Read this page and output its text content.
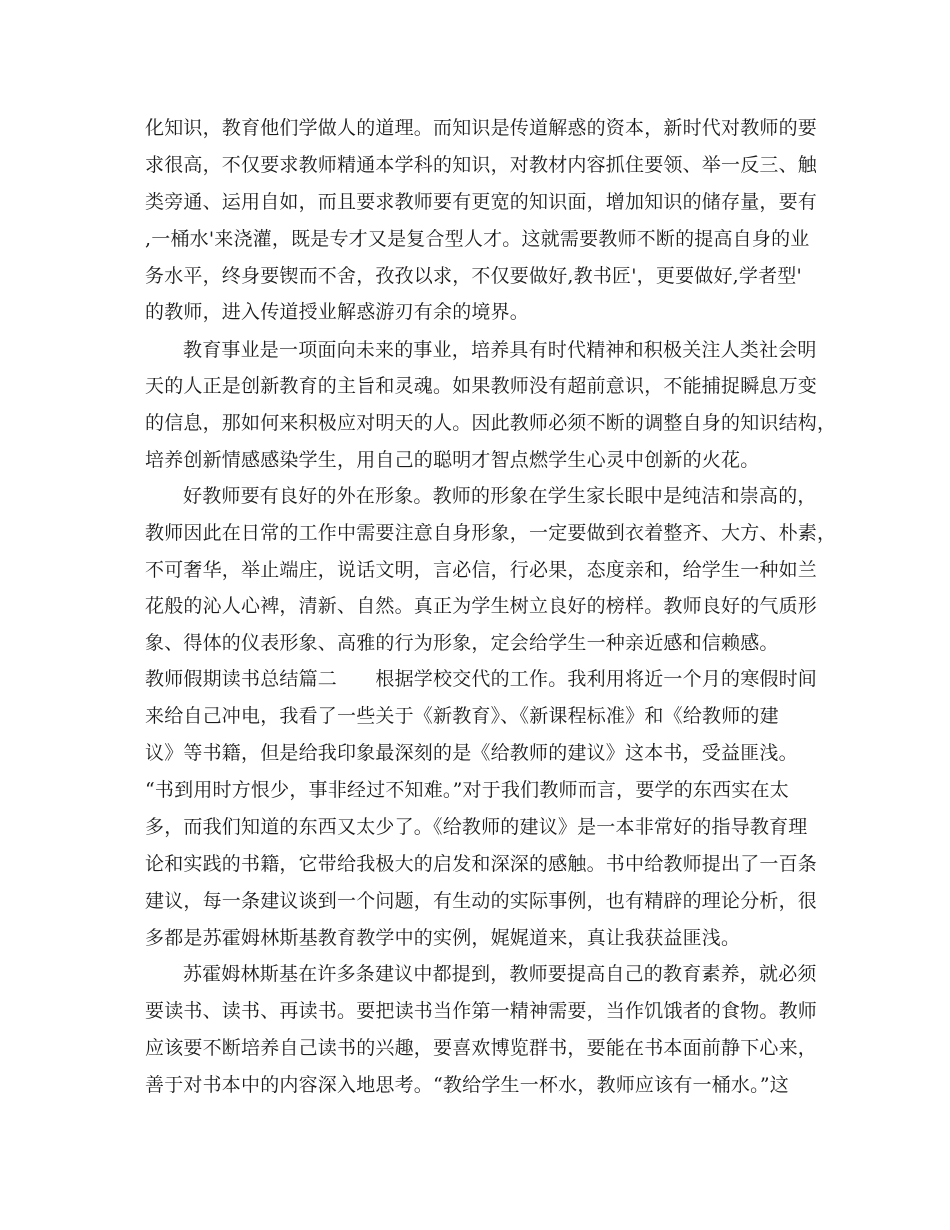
化知识，教育他们学做人的道理。而知识是传道解惑的资本，新时代对教师的要
求很高，不仅要求教师精通本学科的知识，对教材内容抓住要领、举一反三、触
类旁通、运用自如，而且要求教师要有更宽的知识面，增加知识的储存量，要有
,一桶水'来浇灌，既是专才又是复合型人才。这就需要教师不断的提高自身的业
务水平，终身要锲而不舍，孜孜以求，不仅要做好,教书匠'，更要做好,学者型'
的教师，进入传道授业解惑游刃有余的境界。
教育事业是一项面向未来的事业，培养具有时代精神和积极关注人类社会明
天的人正是创新教育的主旨和灵魂。如果教师没有超前意识，不能捕捉瞬息万变
的信息，那如何来积极应对明天的人。因此教师必须不断的调整自身的知识结构，
培养创新情感感染学生，用自己的聪明才智点燃学生心灵中创新的火花。
好教师要有良好的外在形象。教师的形象在学生家长眼中是纯洁和崇高的，
教师因此在日常的工作中需要注意自身形象，一定要做到衣着整齐、大方、朴素，
不可奢华，举止端庄，说话文明，言必信，行必果，态度亲和，给学生一种如兰
花般的沁人心裨，清新、自然。真正为学生树立良好的榜样。教师良好的气质形
象、得体的仪表形象、高雅的行为形象，定会给学生一种亲近感和信赖感。
教师假期读书总结篇二　　根据学校交代的工作。我利用将近一个月的寒假时间
来给自己冲电，我看了一些关于《新教育》、《新课程标准》和《给教师的建
议》等书籍，但是给我印象最深刻的是《给教师的建议》这本书，受益匪浅。
“书到用时方恨少，事非经过不知难。”对于我们教师而言，要学的东西实在太
多，而我们知道的东西又太少了。《给教师的建议》是一本非常好的指导教育理
论和实践的书籍，它带给我极大的启发和深深的感触。书中给教师提出了一百条
建议，每一条建议谈到一个问题，有生动的实际事例，也有精辟的理论分析，很
多都是苏霍姆林斯基教育教学中的实例，娓娓道来，真让我获益匪浅。
苏霍姆林斯基在许多条建议中都提到，教师要提高自己的教育素养，就必须
要读书、读书、再读书。要把读书当作第一精神需要，当作饥饿者的食物。教师
应该要不断培养自己读书的兴趣，要喜欢博览群书，要能在书本面前静下心来，
善于对书本中的内容深入地思考。“教给学生一杯水，教师应该有一桶水。”这
